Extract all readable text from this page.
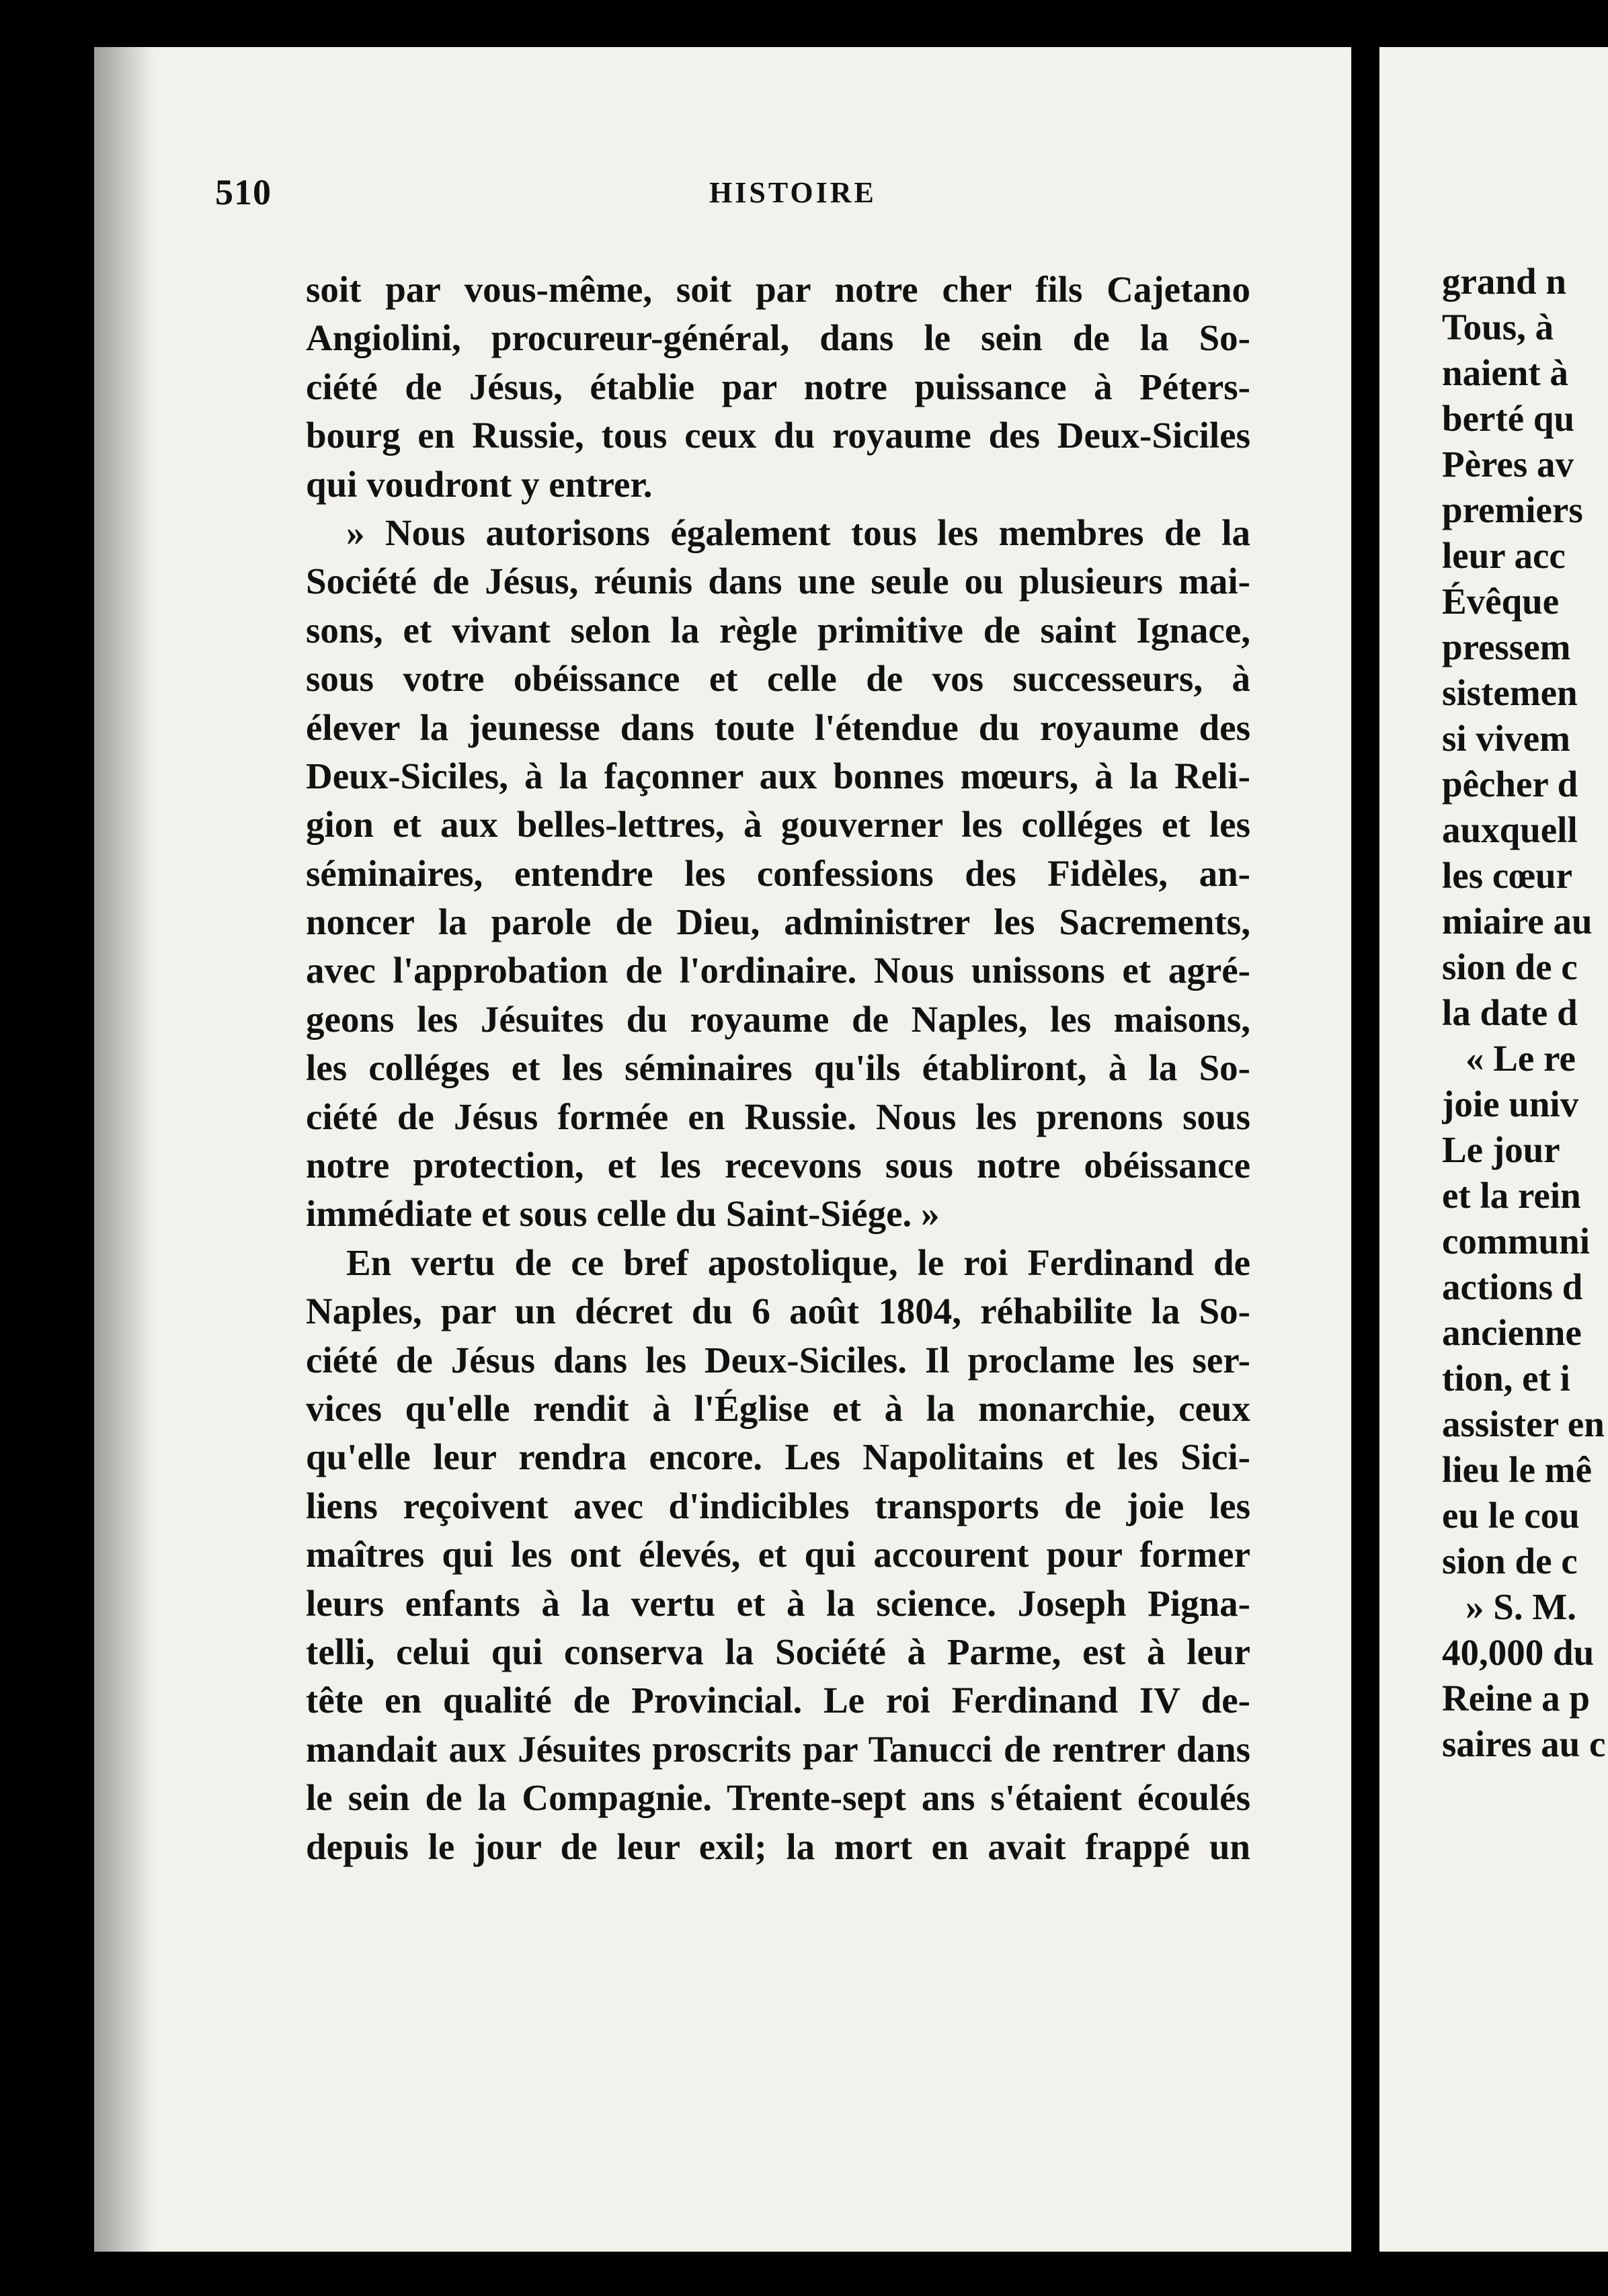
510	HISTOIRE
soit par vous-même, soit par notre cher fils Cajetano
Angiolini, procureur-général, dans le sein de la So-
ciété de Jésus, établie par notre puissance à Péters-
bourg en Russie, tous ceux du royaume des Deux-Siciles
qui voudront y entrer.
» Nous autorisons également tous les membres de la
Société de Jésus, réunis dans une seule ou plusieurs mai-
sons, et vivant selon la règle primitive de saint Ignace,
sous votre obéissance et celle de vos successeurs, à
élever la jeunesse dans toute l'étendue du royaume des
Deux-Siciles, à la façonner aux bonnes mœurs, à la Reli-
gion et aux belles-lettres, à gouverner les colléges et les
séminaires, entendre les confessions des Fidèles, an-
noncer la parole de Dieu, administrer les Sacrements,
avec l'approbation de l'ordinaire. Nous unissons et agré-
geons les Jésuites du royaume de Naples, les maisons,
les colléges et les séminaires qu'ils établiront, à la So-
ciété de Jésus formée en Russie. Nous les prenons sous
notre protection, et les recevons sous notre obéissance
immédiate et sous celle du Saint-Siége. »
En vertu de ce bref apostolique, le roi Ferdinand de
Naples, par un décret du 6 août 1804, réhabilite la So-
ciété de Jésus dans les Deux-Siciles. Il proclame les ser-
vices qu'elle rendit à l'Église et à la monarchie, ceux
qu'elle leur rendra encore. Les Napolitains et les Sici-
liens reçoivent avec d'indicibles transports de joie les
maîtres qui les ont élevés, et qui accourent pour former
leurs enfants à la vertu et à la science. Joseph Pigna-
telli, celui qui conserva la Société à Parme, est à leur
tête en qualité de Provincial. Le roi Ferdinand IV de-
mandait aux Jésuites proscrits par Tanucci de rentrer dans
le sein de la Compagnie. Trente-sept ans s'étaient écoulés
depuis le jour de leur exil; la mort en avait frappé un
grand n
Tous, à
naient à
berté qu
Pères av
premiers
leur acc
Évêque
pressem
sistemen
si vivem
pêcher d
auxquell
les cœur
miaire au
sion de c
la date d
« Le re
joie univ
Le jour
et la rein
communi
actions d
ancienne
tion, et i
assister en
lieu le mê
eu le cou
sion de c
» S. M.
40,000 du
Reine a p
saires au c
